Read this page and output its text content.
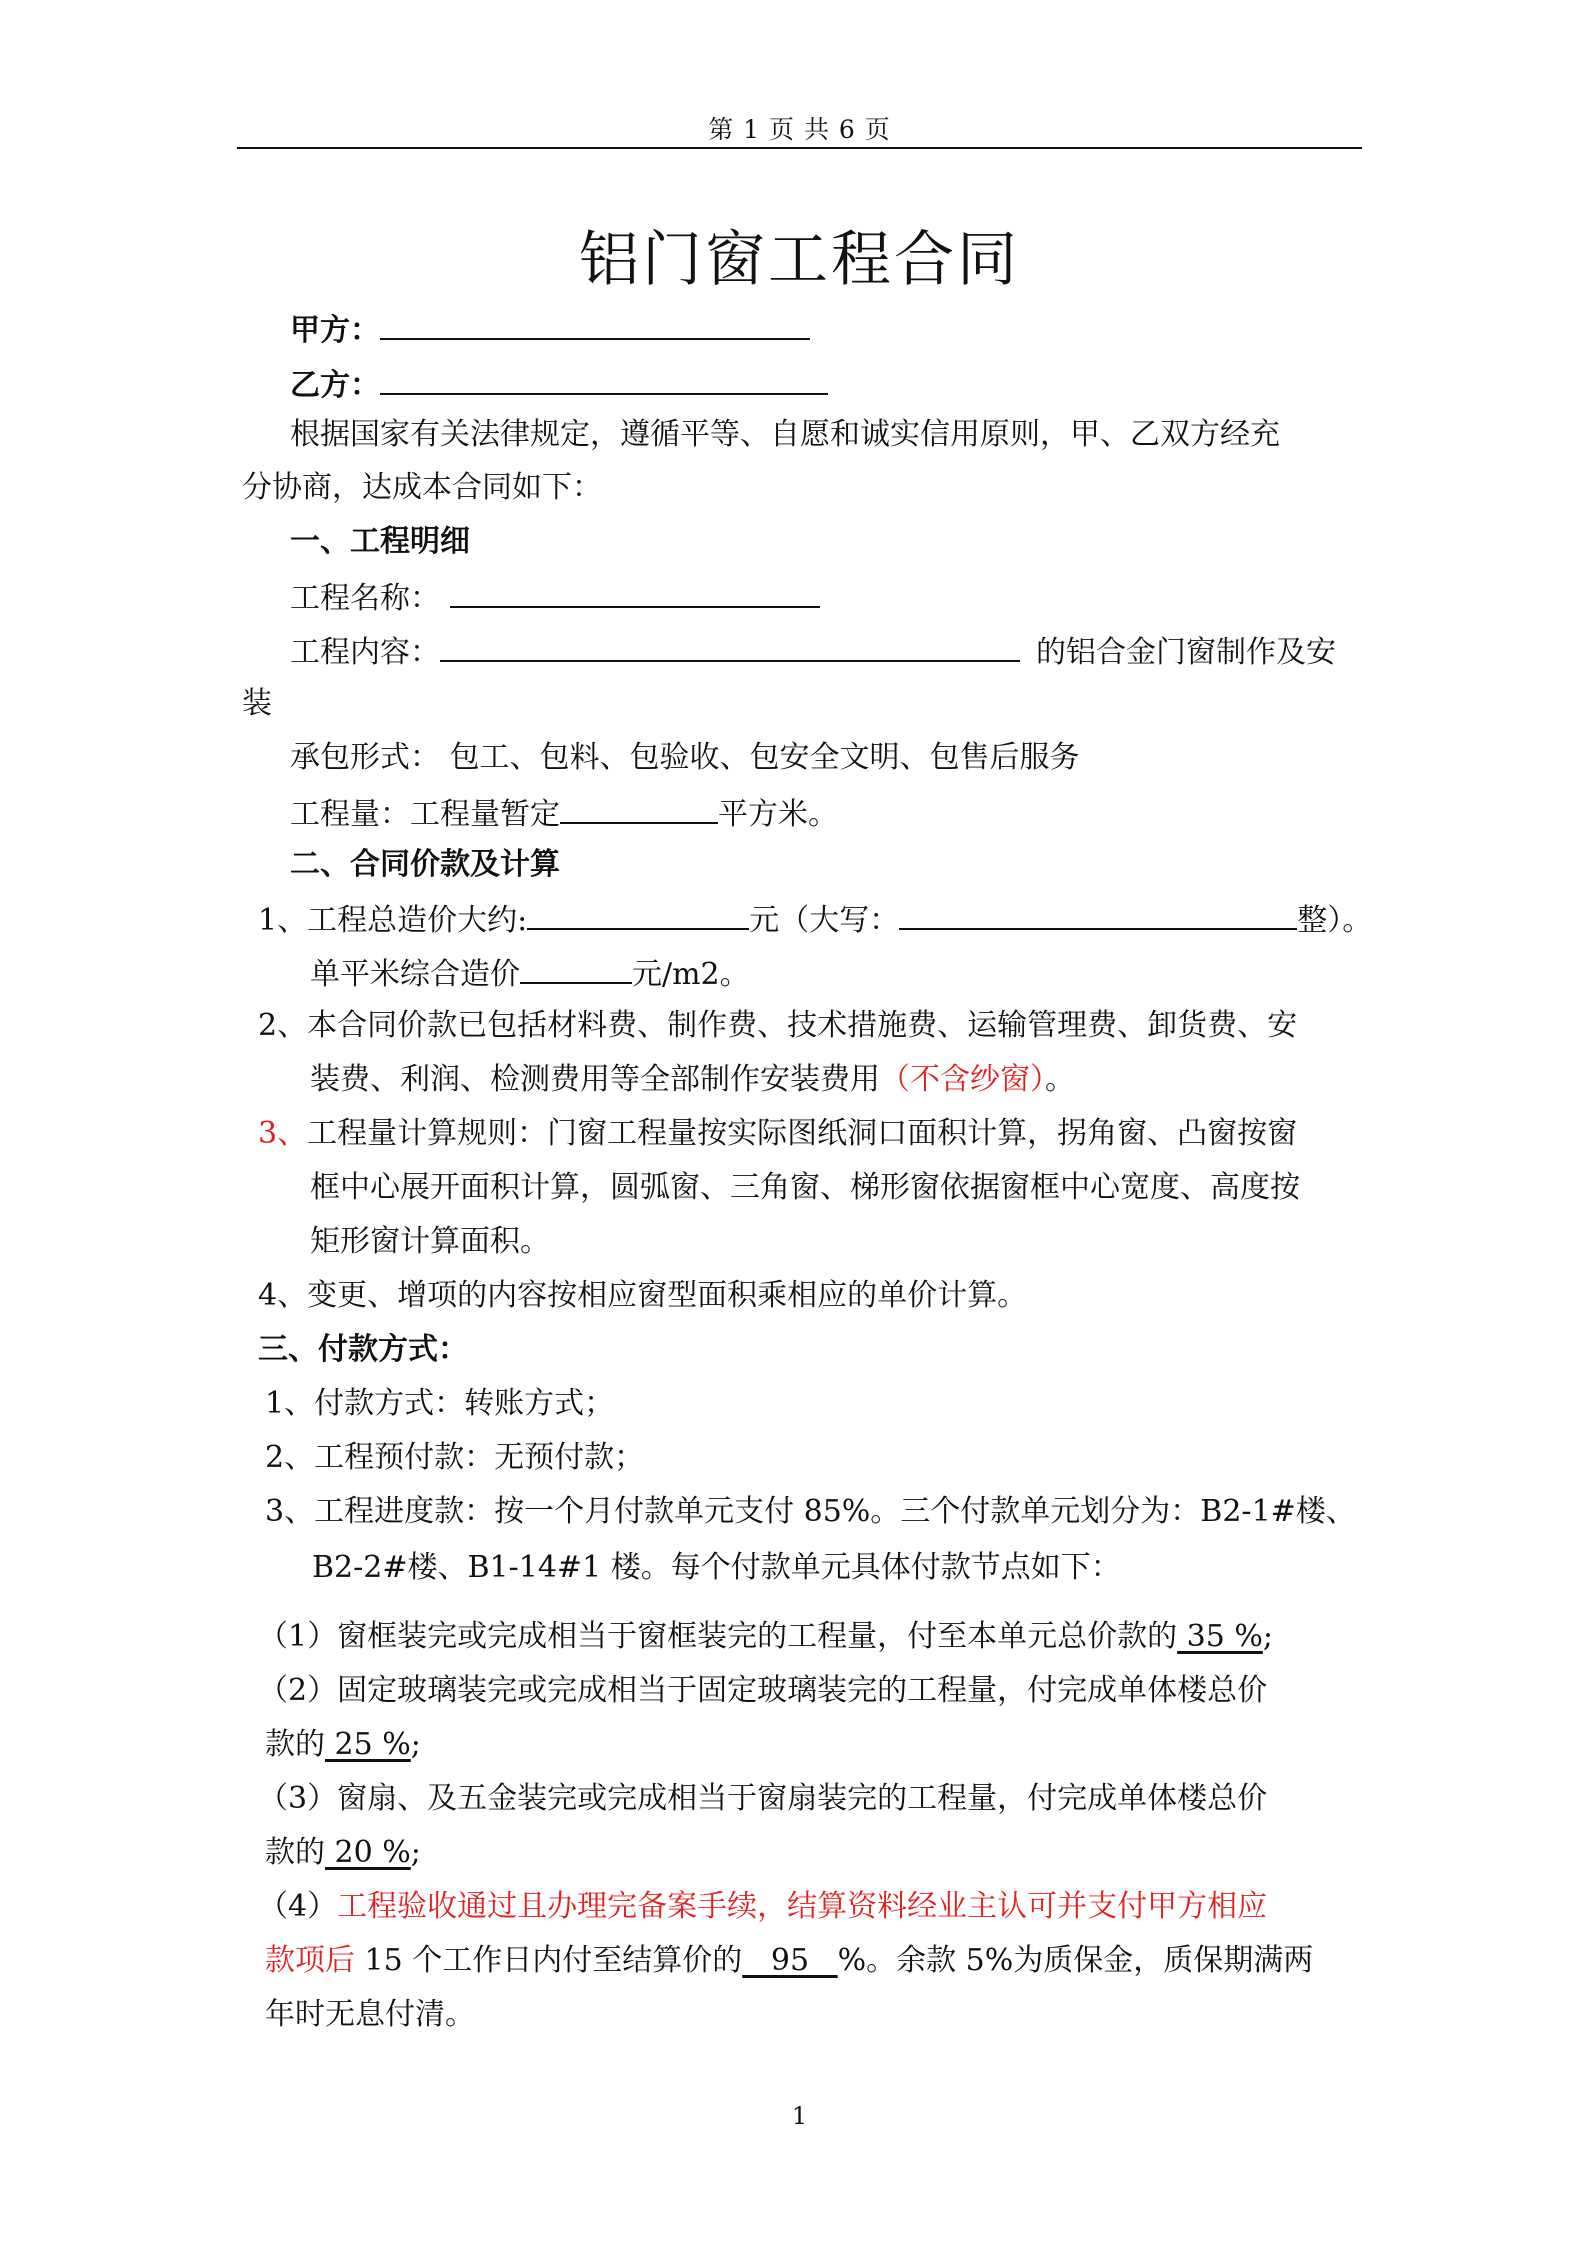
第 1 页 共 6 页
铝门窗工程合同
甲方：
乙方：
根据国家有关法律规定，遵循平等、自愿和诚实信用原则，甲、乙双方经充
分协商，达成本合同如下：
一、工程明细
工程名称：
工程内容：	的铝合金门窗制作及安
装
承包形式： 包工、包料、包验收、包安全文明、包售后服务
工程量：工程量暂定	平方米。
二、合同价款及计算
1、工程总造价大约:	元（大写：	整）。
单平米综合造价	元/m2。
2、本合同价款已包括材料费、制作费、技术措施费、运输管理费、卸货费、安
装费、利润、检测费用等全部制作安装费用（不含纱窗）。
3、工程量计算规则：门窗工程量按实际图纸洞口面积计算，拐角窗、凸窗按窗
框中心展开面积计算，圆弧窗、三角窗、梯形窗依据窗框中心宽度、高度按
矩形窗计算面积。
4、变更、增项的内容按相应窗型面积乘相应的单价计算。
三、付款方式：
1、付款方式：转账方式；
2、工程预付款：无预付款；
3、工程进度款：按一个月付款单元支付 85%。三个付款单元划分为：B2-1#楼、
B2-2#楼、B1-14#1 楼。每个付款单元具体付款节点如下：
（1）窗框装完或完成相当于窗框装完的工程量，付至本单元总价款的 35 %;
（2）固定玻璃装完或完成相当于固定玻璃装完的工程量，付完成单体楼总价
款的 25 %;
（3）窗扇、及五金装完或完成相当于窗扇装完的工程量，付完成单体楼总价
款的 20 %;
（4）工程验收通过且办理完备案手续，结算资料经业主认可并支付甲方相应
款项后 15 个工作日内付至结算价的   95   %。余款 5%为质保金，质保期满两
年时无息付清。
1
